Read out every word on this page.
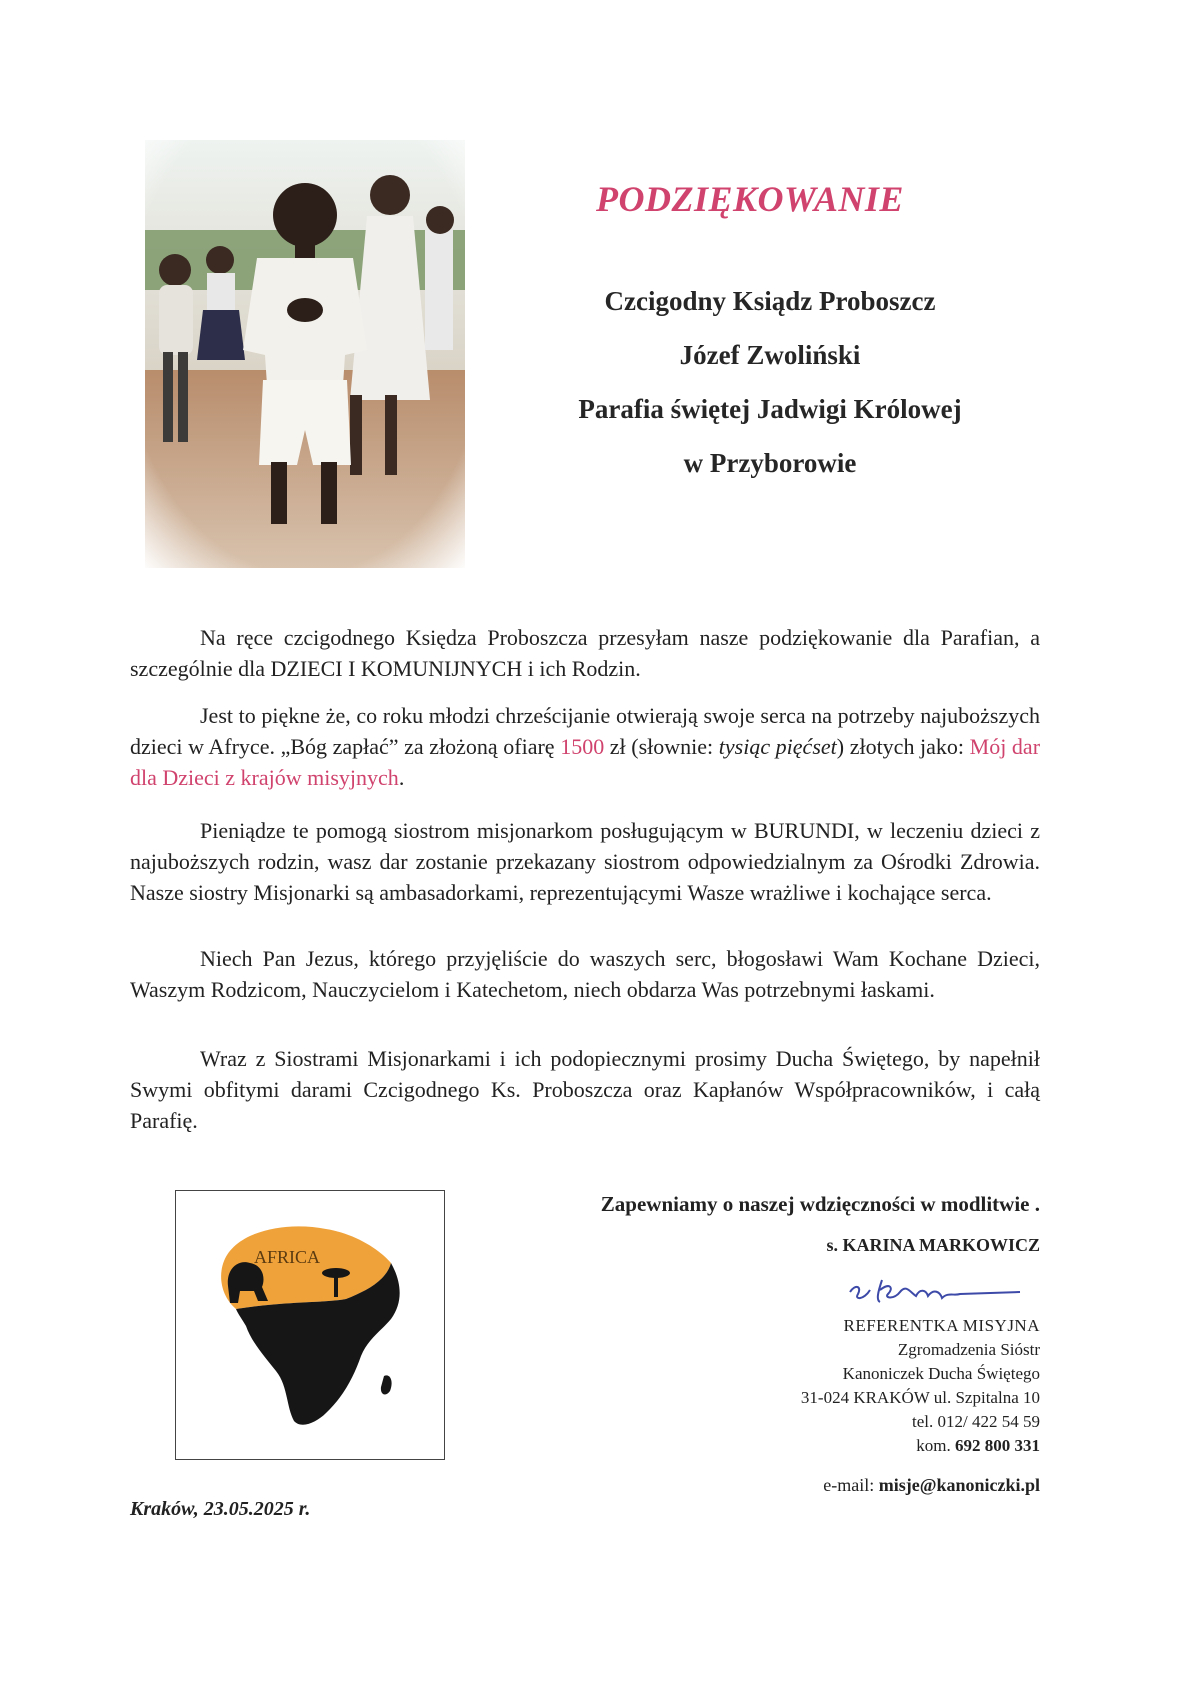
PODZIĘKOWANIE
Czcigodny Ksiądz Proboszcz
Józef Zwoliński
Parafia świętej Jadwigi Królowej
w Przyborowie
Na ręce czcigodnego Księdza Proboszcza przesyłam nasze podziękowanie dla Parafian, a szczególnie dla DZIECI I KOMUNIJNYCH i ich Rodzin.
Jest to piękne że, co roku młodzi chrześcijanie otwierają swoje serca na potrzeby najuboższych dzieci w Afryce. „Bóg zapłać” za złożoną ofiarę 1500 zł (słownie: tysiąc pięćset) złotych jako: Mój dar dla Dzieci z krajów misyjnych.
Pieniądze te pomogą siostrom misjonarkom posługującym w BURUNDI, w leczeniu dzieci z najuboższych rodzin, wasz dar zostanie przekazany siostrom odpowiedzialnym za Ośrodki Zdrowia. Nasze siostry Misjonarki są ambasadorkami, reprezentującymi Wasze wrażliwe i kochające serca.
Niech Pan Jezus, którego przyjęliście do waszych serc, błogosławi Wam Kochane Dzieci, Waszym Rodzicom, Nauczycielom i Katechetom, niech obdarza Was potrzebnymi łaskami.
Wraz z Siostrami Misjonarkami i ich podopiecznymi prosimy Ducha Świętego, by napełnił Swymi obfitymi darami Czcigodnego Ks. Proboszcza oraz Kapłanów Współpracowników, i całą Parafię.
AFRICA
Zapewniamy o naszej wdzięczności w modlitwie .
s. KARINA MARKOWICZ
s. Karina
REFERENTKA MISYJNA
Zgromadzenia Sióstr
Kanoniczek Ducha Świętego
31-024 KRAKÓW ul. Szpitalna 10
tel. 012/ 422 54 59
kom. 692 800 331
e-mail: misje@kanoniczki.pl
Kraków, 23.05.2025 r.
